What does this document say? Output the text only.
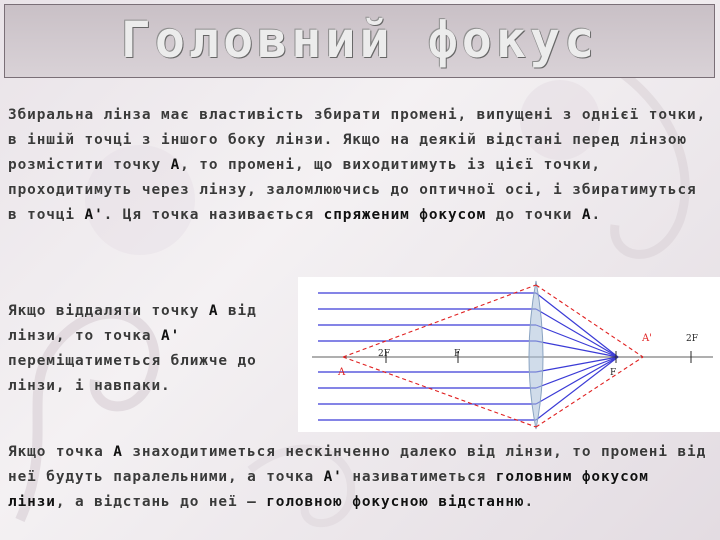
Головний фокус

Збиральна лінза має властивість збирати промені, випущені з однієї точки, в іншій точці з іншого боку лінзи. Якщо на деякій відстані перед лінзою розмістити точку А, то промені, що виходитимуть із цієї точки, проходитимуть через лінзу, заломлюючись до оптичної осі, і збиратимуться в точці А'. Ця точка називається спряженим фокусом до точки А.

Якщо віддаляти точку А від лінзи, то точка А' переміщатиметься ближче до лінзи, і навпаки.

A
2F	F
F
A'	2F

Якщо точка А знаходитиметься нескінченно далеко від лінзи, то промені від неї будуть паралельними, а точка А' називатиметься головним фокусом лінзи, а відстань до неї — головною фокусною відстанню.
